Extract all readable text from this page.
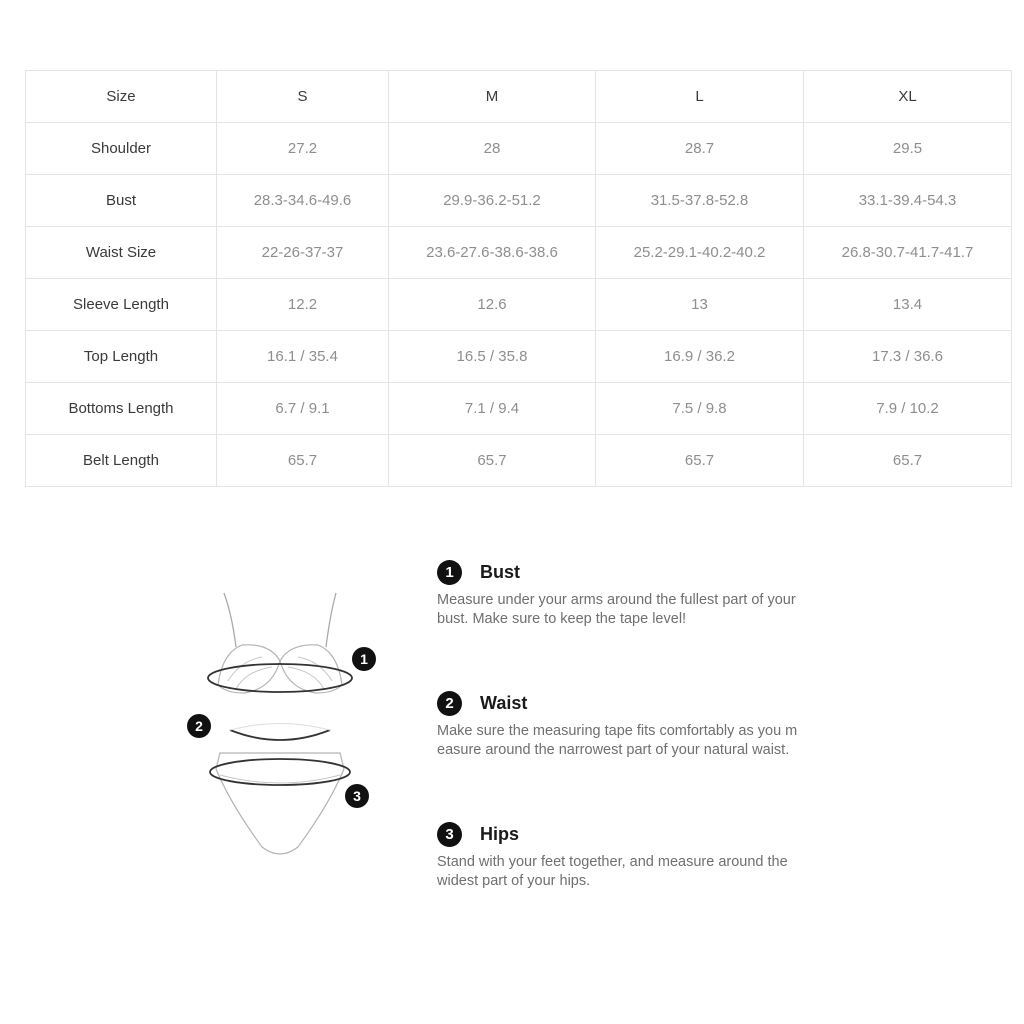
Size	S	M	L	XL
Shoulder	27.2	28	28.7	29.5
Bust	28.3-34.6-49.6	29.9-36.2-51.2	31.5-37.8-52.8	33.1-39.4-54.3
Waist Size	22-26-37-37	23.6-27.6-38.6-38.6	25.2-29.1-40.2-40.2	26.8-30.7-41.7-41.7
Sleeve Length	12.2	12.6	13	13.4
Top Length	16.1 / 35.4	16.5 / 35.8	16.9 / 36.2	17.3 / 36.6
Bottoms Length	6.7 / 9.1	7.1 / 9.4	7.5 / 9.8	7.9 / 10.2
Belt Length	65.7	65.7	65.7	65.7
1
2
3
1	Bust
Measure under your arms around the fullest part of your
bust. Make sure to keep the tape level!
2	Waist
Make sure the measuring tape fits comfortably as you m
easure around the narrowest part of your natural waist.
3	Hips
Stand with your feet together, and measure around the
widest part of your hips.
